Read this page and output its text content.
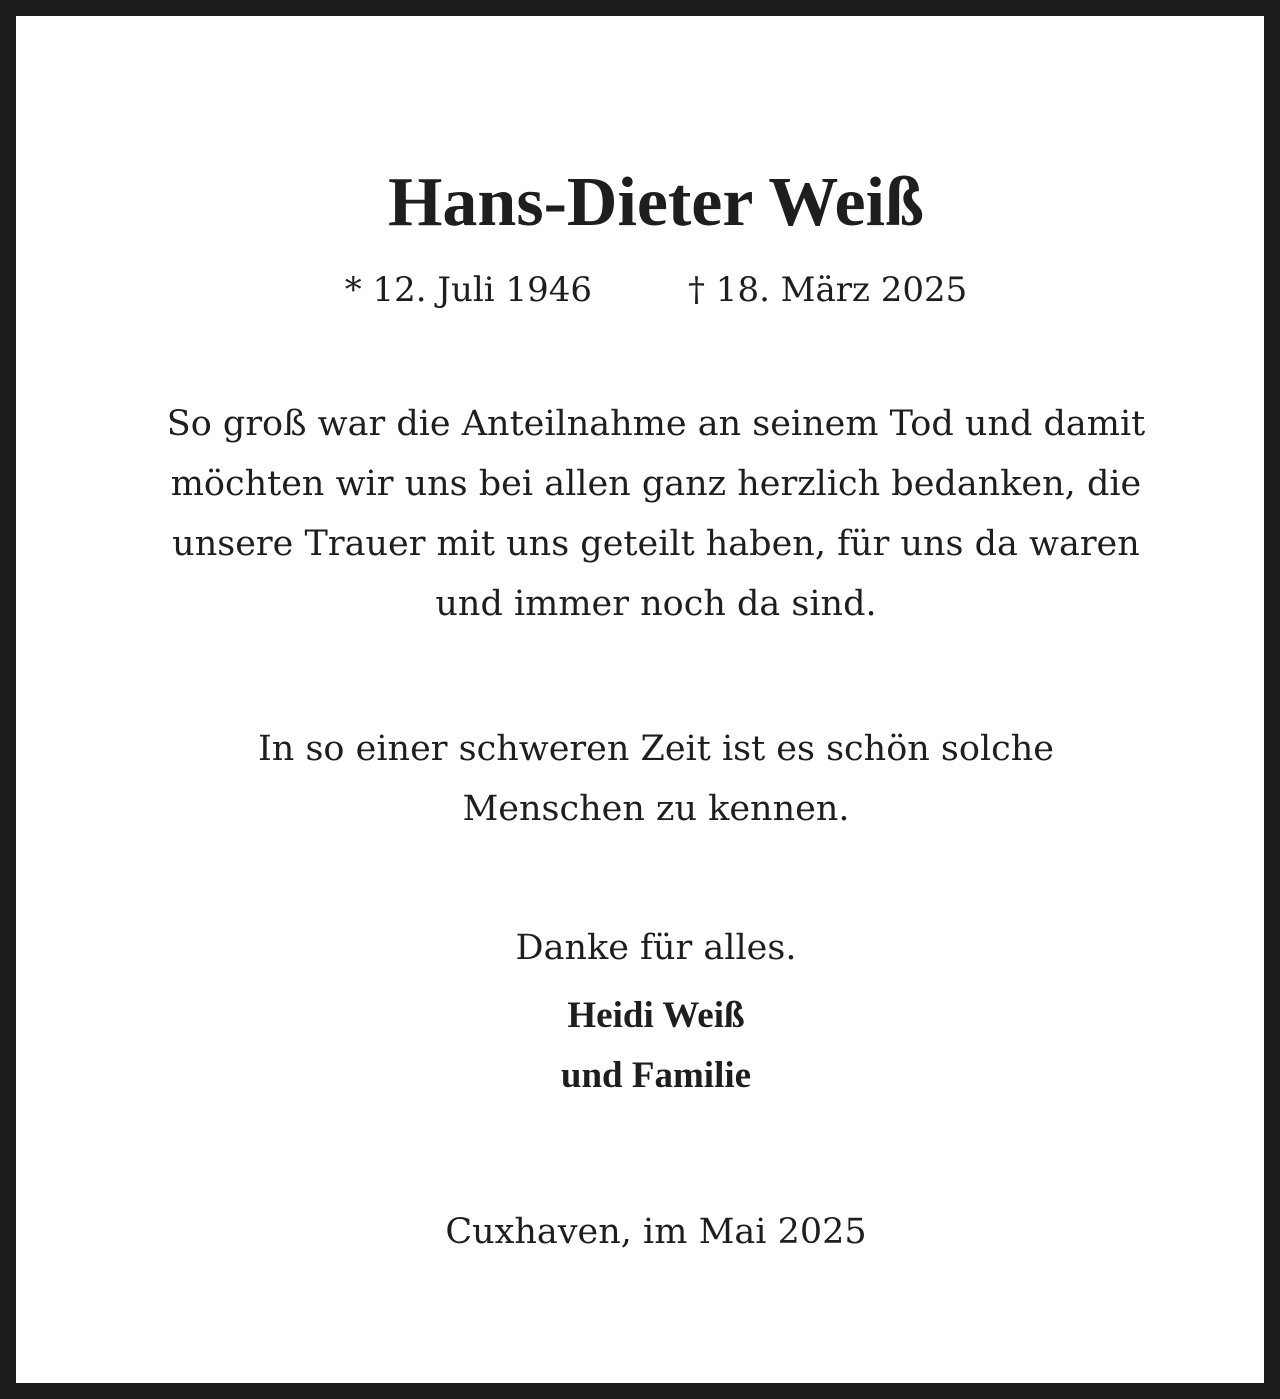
Hans-Dieter Weiß
* 12. Juli 1946	† 18. März 2025
So groß war die Anteilnahme an seinem Tod und damit
möchten wir uns bei allen ganz herzlich bedanken, die
unsere Trauer mit uns geteilt haben, für uns da waren
und immer noch da sind.
In so einer schweren Zeit ist es schön solche
Menschen zu kennen.
Danke für alles.
Heidi Weiß
und Familie
Cuxhaven, im Mai 2025
